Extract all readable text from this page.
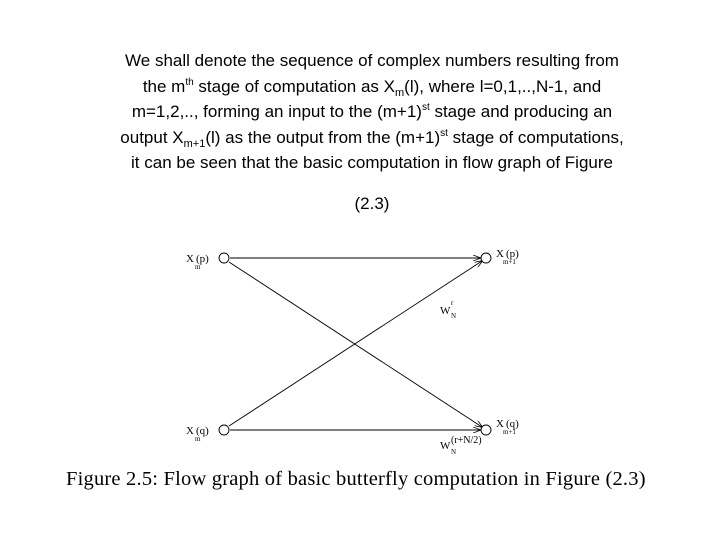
We shall denote the sequence of complex numbers resulting from
the $m^{th}$ stage of computation as $X_m(l)$, where l=0,1,..,N-1, and
m=1,2,.., forming an input to the $(m+1)^{st}$ stage and producing an
output $X_{m+1}(l)$ as the output from the $(m+1)^{st}$ stage of computations,
it can be seen that the basic computation in flow graph of Figure
(2.3)
X (p)
m
X (q)
m
X (p)
m+1
X (q)
m+1
W
r
N
W (r+N/2)
N
Figure 2.5: Flow graph of basic butterfly computation in Figure (2.3)
